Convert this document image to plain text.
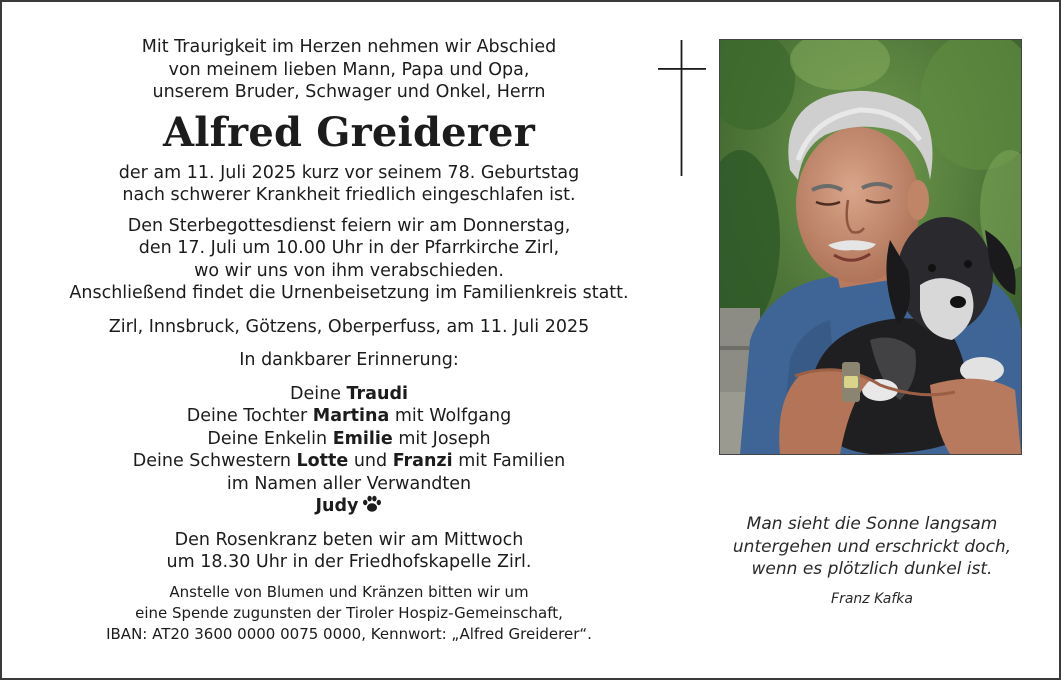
Mit Traurigkeit im Herzen nehmen wir Abschied
von meinem lieben Mann, Papa und Opa,
unserem Bruder, Schwager und Onkel, Herrn
Alfred Greiderer
der am 11. Juli 2025 kurz vor seinem 78. Geburtstag
nach schwerer Krankheit friedlich eingeschlafen ist.
Den Sterbegottesdienst feiern wir am Donnerstag,
den 17. Juli um 10.00 Uhr in der Pfarrkirche Zirl,
wo wir uns von ihm verabschieden.
Anschließend findet die Urnenbeisetzung im Familienkreis statt.
Zirl, Innsbruck, Götzens, Oberperfuss, am 11. Juli 2025
In dankbarer Erinnerung:
Deine Traudi
Deine Tochter Martina mit Wolfgang
Deine Enkelin Emilie mit Joseph
Deine Schwestern Lotte und Franzi mit Familien
im Namen aller Verwandten
Judy
Den Rosenkranz beten wir am Mittwoch
um 18.30 Uhr in der Friedhofskapelle Zirl.
Anstelle von Blumen und Kränzen bitten wir um
eine Spende zugunsten der Tiroler Hospiz-Gemeinschaft,
IBAN: AT20 3600 0000 0075 0000, Kennwort: „Alfred Greiderer“.
Man sieht die Sonne langsam
untergehen und erschrickt doch,
wenn es plötzlich dunkel ist.
Franz Kafka
